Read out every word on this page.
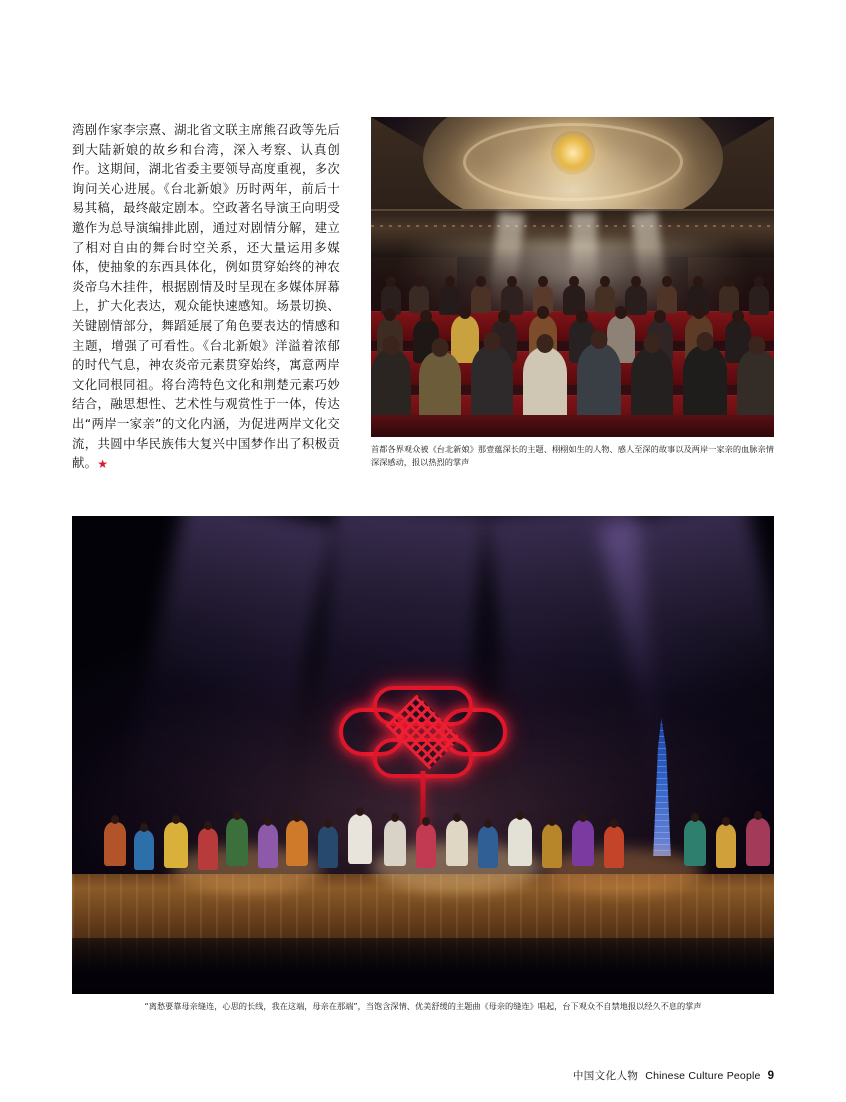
湾剧作家李宗熹、湖北省文联主席熊召政等先后到大陆新娘的故乡和台湾，深入考察、认真创作。这期间，湖北省委主要领导高度重视，多次询问关心进展。《台北新娘》历时两年，前后十易其稿，最终敲定剧本。空政著名导演王向明受邀作为总导演编排此剧，通过对剧情分解，建立了相对自由的舞台时空关系，还大量运用多媒体，使抽象的东西具体化，例如贯穿始终的神农炎帝乌木挂件，根据剧情及时呈现在多媒体屏幕上，扩大化表达，观众能快速感知。场景切换、关键剧情部分，舞蹈延展了角色要表达的情感和主题，增强了可看性。《台北新娘》洋溢着浓郁的时代气息，神农炎帝元素贯穿始终，寓意两岸文化同根同祖。将台湾特色文化和荆楚元素巧妙结合，融思想性、艺术性与观赏性于一体，传达出“两岸一家亲”的文化内涵，为促进两岸文化交流，共圆中华民族伟大复兴中国梦作出了积极贡献。★

首都各界观众被《台北新娘》那壹蕴深长的主题、栩栩如生的人物、感人至深的故事以及两岸一家亲的血脉亲情深深感动，报以热烈的掌声
“离愁要靠母亲缝连，心思的长线，我在这端，母亲在那端”，当饱含深情、优美舒缓的主题曲《母亲的缝连》唱起，台下观众不自禁地报以经久不息的掌声
中国文化人物 Chinese Culture People 9
